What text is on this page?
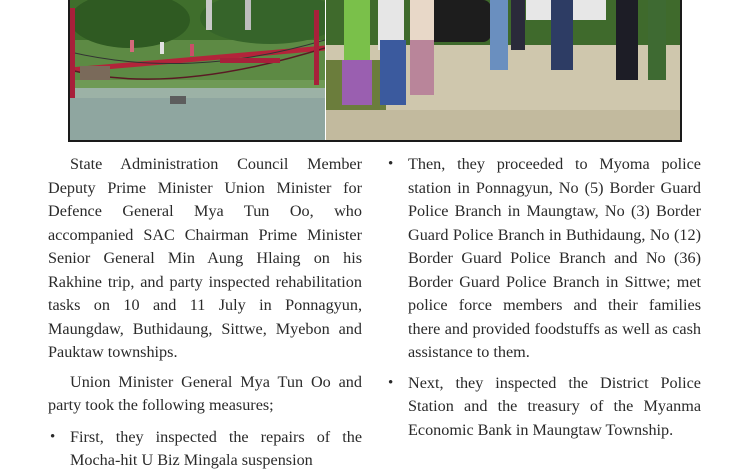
State Administration Council Member Deputy Prime Minister Union Minister for Defence General Mya Tun Oo, who accompanied SAC Chairman Prime Minister Senior General Min Aung Hlaing on his Rakhine trip, and party inspected rehabilitation tasks on 10 and 11 July in Ponnagyun, Maungdaw, Buthidaung, Sittwe, Myebon and Pauktaw townships.

Union Minister General Mya Tun Oo and party took the following measures;

• First, they inspected the repairs of the Mocha-hit U Biz Mingala suspension
• Then, they proceeded to Myoma police station in Ponnagyun, No (5) Border Guard Police Branch in Maungtaw, No (3) Border Guard Police Branch in Buthidaung, No (12) Border Guard Police Branch and No (36) Border Guard Police Branch in Sittwe; met police force members and their families there and provided foodstuffs as well as cash assistance to them.
• Next, they inspected the District Police Station and the treasury of the Myanma Economic Bank in Maungtaw Township.
